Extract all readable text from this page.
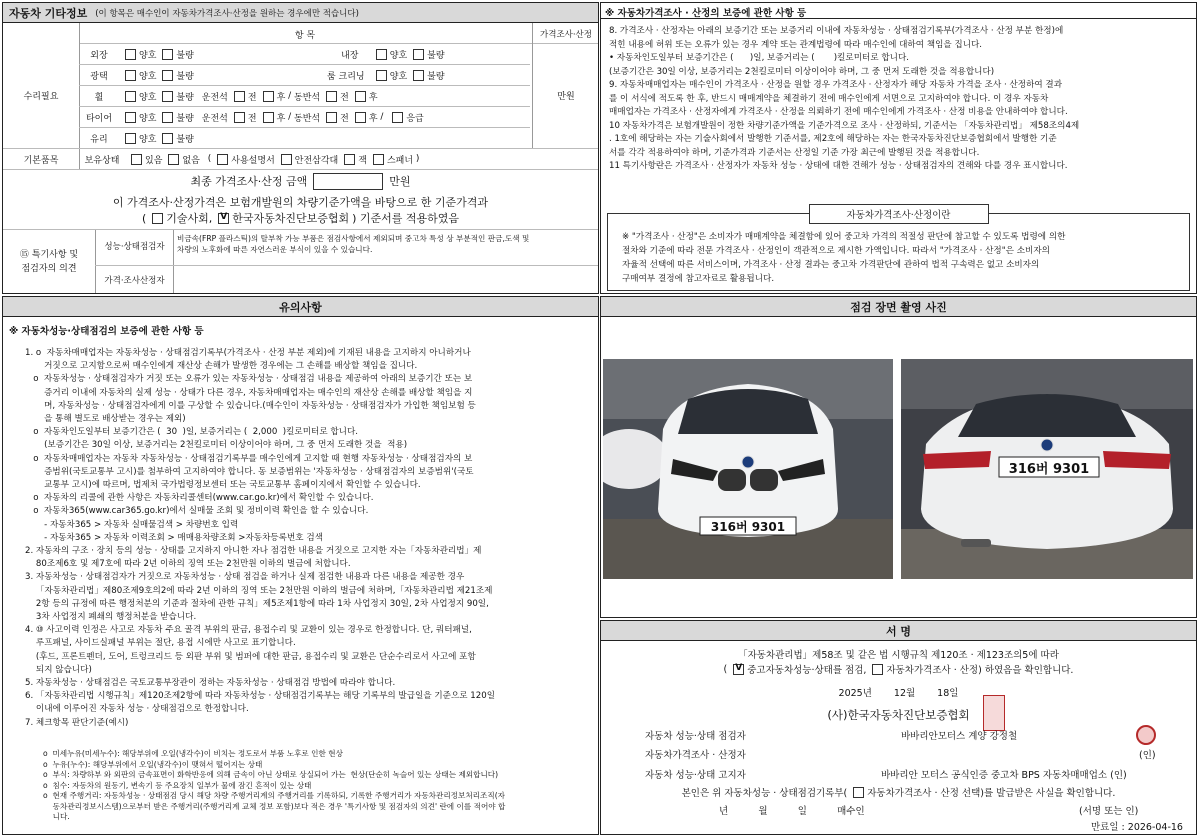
자동차 기타정보 (이 항목은 매수인이 자동차가격조사·산정을 원하는 경우에만 적습니다)
항 목	가격조사·산정
수리필요	만원
외장	양호 불량	내장	양호 불량
광택	양호 불량	룸 크리닝	양호 불량
휠	양호 불량 운전석 전 후 / 동반석 전 후
타이어	양호 불량 운전석 전 후 / 동반석 전 후 / 응급
유리	양호 불량
기본품목	보유상태	있음 없음 ( 사용설명서 안전삼각대 잭 스패너 )
최종 가격조사·산정 금액	만원
이 가격조사·산정가격은 보험개발원의 차량기준가액을 바탕으로 한 기준가격과
( 기술사회, V 한국자동차진단보증협회 ) 기준서를 적용하였음
⑮ 특기사항 및
점검자의 의견
성능·상태점검자
비금속(FRP 플라스틱)의 탈부착 가능 부품은 점검사항에서 제외되며 중고차 특성 상 부분적인 판금,도색 및
차량의 노후화에 따른 자연스러운 부식이 있을 수 있습니다.
가격·조사산정자
※ 자동차가격조사 · 산정의 보증에 관한 사항 등
8. 가격조사 · 산정자는 아래의 보증기간 또는 보증거리 이내에 자동차성능 · 상태점검기록부(가격조사 · 산정 부분 한정)에
적힌 내용에 허위 또는 오류가 있는 경우 계약 또는 관계법령에 따라 매수인에 대하여 책임을 집니다.
• 자동차인도일부터 보증기간은 (      )일, 보증거리는 (       )킬로미터로 합니다.
(보증기간은 30일 이상, 보증거리는 2천킬로미터 이상이어야 하며, 그 중 먼저 도래한 것을 적용합니다)
9. 자동차매매업자는 매수인이 가격조사 · 산정을 원할 경우 가격조사 · 산정자가 해당 자동차 가격을 조사 · 산정하여 결과
를 이 서식에 적도록 한 후, 반드시 매매계약을 체결하기 전에 매수인에게 서면으로 고지하여야 합니다. 이 경우 자동차
매매업자는 가격조사 · 산정자에게 가격조사 · 산정을 의뢰하기 전에 매수인에게 가격조사 · 산정 비용을 안내하여야 합니다.
10 자동차가격은 보험개발원이 정한 차량기준가액을 기준가격으로 조사 · 산정하되, 기준서는 「자동차관리법」 제58조의4제
. 1호에 해당하는 자는 기술사회에서 발행한 기준서를, 제2호에 해당하는 자는 한국자동차진단보증협회에서 발행한 기준
서를 각각 적용하여야 하며, 기준가격과 기준서는 산정일 기준 가장 최근에 발행된 것을 적용합니다.
11 특기사항란은 가격조사 · 산정자가 자동차 성능 · 상태에 대한 견해가 성능 · 상태점검자의 견해와 다를 경우 표시합니다.
자동차가격조사·산정이란
※ "가격조사 · 산정"은 소비자가 매매계약을 체결함에 있어 중고차 가격의 적절성 판단에 참고할 수 있도록 법령에 의한
절차와 기준에 따라 전문 가격조사 · 산정인이 객관적으로 제시한 가액입니다. 따라서 "가격조사 · 산정"은 소비자의
자율적 선택에 따른 서비스이며, 가격조사 · 산정 결과는 중고차 가격판단에 관하여 법적 구속력은 없고 소비자의
구매여부 결정에 참고자료로 활용됩니다.
유의사항
※ 자동차성능·상태점검의 보증에 관한 사항 등
1. o  자동차매매업자는 자동차성능 · 상태점검기록부(가격조사 · 산정 부분 제외)에 기재된 내용을 고지하지 아니하거나
거짓으로 고지함으로써 매수인에게 재산상 손해가 발생한 경우에는 그 손해를 배상할 책임을 집니다.
o  자동차성능 · 상태점검자가 거짓 또는 오류가 있는 자동차성능 · 상태점검 내용을 제공하여 아래의 보증기간 또는 보
증거리 이내에 자동차의 실제 성능 · 상태가 다른 경우, 자동차매매업자는 매수인의 재산상 손해를 배상할 책임을 지
며, 자동차성능 · 상태점검자에게 이를 구상할 수 있습니다.(매수인이 자동차성능 · 상태점검자가 가입한 책임보험 등
을 통해 별도로 배상받는 경우는 제외)
o  자동차인도일부터 보증기간은 (  30  )일, 보증거리는 (  2,000  )킬로미터로 합니다.
(보증기간은 30일 이상, 보증거리는 2천킬로미터 이상이어야 하며, 그 중 먼저 도래한 것을  적용)
o  자동차매매업자는 자동차 자동차성능 · 상태점검기록부를 매수인에게 고지할 때 현행 자동차성능 · 상태점검자의 보
증범위(국토교통부 고시)를 첨부하여 고지하여야 합니다. 동 보증범위는 '자동차성능 · 상태점검자의 보증범위'(국토
교통부 고시)에 따르며, 법제처 국가법령정보센터 또는 국토교통부 홈페이지에서 확인할 수 있습니다.
o  자동차의 리콜에 관한 사항은 자동차리콜센터(www.car.go.kr)에서 확인할 수 있습니다.
o  자동차365(www.car365.go.kr)에서 실매물 조회 및 정비이력 확인을 할 수 있습니다.
- 자동차365 > 자동차 실매물검색 > 차량번호 입력
- 자동차365 > 자동차 이력조회 > 매매용차량조회 >자동차등록번호 검색
2. 자동차의 구조 · 장치 등의 성능 · 상태를 고지하지 아니한 자나 점검한 내용을 거짓으로 고지한 자는「자동차관리법」제
80조제6호 및 제7호에 따라 2년 이하의 징역 또는 2천만원 이하의 벌금에 처합니다.
3. 자동차성능 · 상태점검자가 거짓으로 자동차성능 · 상태 점검을 하거나 실제 점검한 내용과 다른 내용을 제공한 경우
「자동차관리법」제80조제9호의2에 따라 2년 이하의 징역 또는 2천만원 이하의 벌금에 처하며,「자동차관리법 제21조제
2항 등의 규정에 따른 행정처분의 기준과 절차에 관한 규칙」제5조제1항에 따라 1차 사업정지 30일, 2차 사업정지 90일,
3차 사업정지 폐쇄의 행정처분을 받습니다.
4. ⑩ 사고이력 인정은 사고로 자동차 주요 골격 부위의 판금, 용접수리 및 교환이 있는 경우로 한정합니다. 단, 쿼터패널,
루프패널, 사이드실패널 부위는 절단, 용접 시에만 사고로 표기합니다.
(후드, 프론트펜더, 도어, 트렁크리드 등 외판 부위 및 범퍼에 대한 판금, 용접수리 및 교환은 단순수리로서 사고에 포함
되지 않습니다)
5. 자동차성능 · 상태점검은 국토교통부장관이 정하는 자동차성능 · 상태점검 방법에 따라야 합니다.
6. 「자동차관리법 시행규칙」제120조제2항에 따라 자동차성능 · 상태점검기록부는 해당 기록부의 발급일을 기준으로 120일
이내에 이루어진 자동차 성능 · 상태점검으로 한정합니다.
7. 체크항목 판단기준(예시)
o  미세누유(미세누수): 해당부위에 오일(냉각수)이 비치는 정도로서 부품 노후로 인한 현상
o  누유(누수): 해당부위에서 오일(냉각수)이 맺혀서 떨어지는 상태
o  부식: 차량하부 와 외판의 금속표면이 화학반응에 의해 금속이 아닌 상태로 상실되어 가는  현상(단순히 녹슬어 있는 상태는 제외합니다)
o  침수: 자동차의 원동기, 변속기 등 주요장치 일부가 물에 잠긴 흔적이 있는 상태
o  현재 주행거리: 자동차성능 · 상태점검 당시 해당 차량 주행거리계의 주행거리를 기록하되, 기록한 주행거리가 자동차관리정보처리조직(자
동차관리정보시스템)으로부터 받은 주행거리(주행거리계 교체 정보 포함)보다 적은 경우 '특기사항 및 점검자의 의견' 란에 이를 적어야 합
니다.
점검 장면 촬영 사진
316버 9301
316버 9301
서 명
「자동차관리법」제58조 및 같은 법 시행규칙 제120조 · 제123조의5에 따라
( V 중고자동차성능·상태를 점검, 자동차가격조사 · 산정) 하였음을 확인합니다.
2025년 12월 18일
(사)한국자동차진단보증협회
자동차 성능·상태 점검자	바바리안모터스 계양 강정철
자동차가격조사 · 산정자	(인)
자동차 성능·상태 고지자	바바리안 모터스 공식인증 중고차 BPS 자동차매매업소 (인)
본인은 위 자동차성능 · 상태점검기록부( 자동차가격조사 · 산정 선택)를 발급받은 사실을 확인합니다.
년          월          일          매수인	(서명 또는 인)
만료일 : 2026-04-16
